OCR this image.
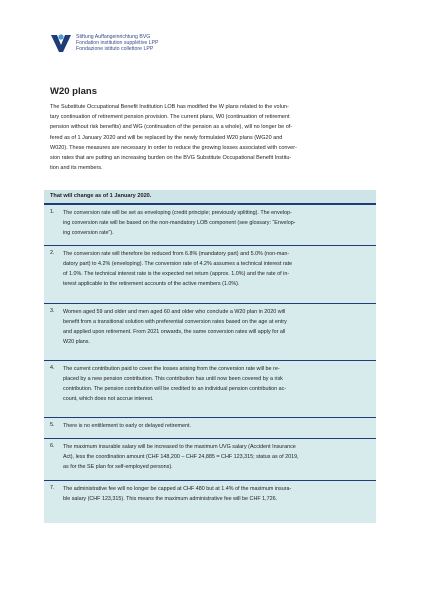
Stiftung Auffangeinrichtung BVG
Fondation institution supplétive LPP
Fondazione istituto collettore LPP
W20 plans

The Substitute Occupational Benefit Institution LOB has modified the W plans related to the volun-

tary continuation of retirement pension provision. The current plans, W0 (continuation of retirement

pension without risk benefits) and WG (continuation of the pension as a whole), will no longer be of-

fered as of 1 January 2020 and will be replaced by the newly formulated W20 plans (WG20 and

W020). These measures are necessary in order to reduce the growing losses associated with conver-

sion rates that are putting an increasing burden on the BVG Substitute Occupational Benefit Institu-

tion and its members.

That will change as of 1 January 2020.
1. The conversion rate will be set as enveloping (credit principle; previously splitting). The envelop-

ing conversion rate will be based on the non-mandatory LOB component (see glossary: “Envelop-

ing conversion rate”).

2. The conversion rate will therefore be reduced from 6.8% (mandatory part) and 5.0% (non-man-

datory part) to 4.2% (enveloping). The conversion rate of 4.2% assumes a technical interest rate

of 1.0%. The technical interest rate is the expected net return (approx. 1.0%) and the rate of in-

terest applicable to the retirement accounts of the active members (1.0%).

3. Women aged 59 and older and men aged 60 and older who conclude a W20 plan in 2020 will

benefit from a transitional solution with preferential conversion rates based on the age at entry

and applied upon retirement. From 2021 onwards, the same conversion rates will apply for all

W20 plans.

4. The current contribution paid to cover the losses arising from the conversion rate will be re-

placed by a new pension contribution. This contribution has until now been covered by a risk

contribution. The pension contribution will be credited to an individual pension contribution ac-

count, which does not accrue interest.

5. There is no entitlement to early or delayed retirement.

6. The maximum insurable salary will be increased to the maximum UVG salary (Accident Insurance

Act), less the coordination amount (CHF 148,200 – CHF 24,885 = CHF 123,315; status as of 2019,

as for the SE plan for self-employed persons).

7. The administrative fee will no longer be capped at CHF 480 but at 1.4% of the maximum insura-

ble salary (CHF 123,315). This means the maximum administrative fee will be CHF 1,726.
